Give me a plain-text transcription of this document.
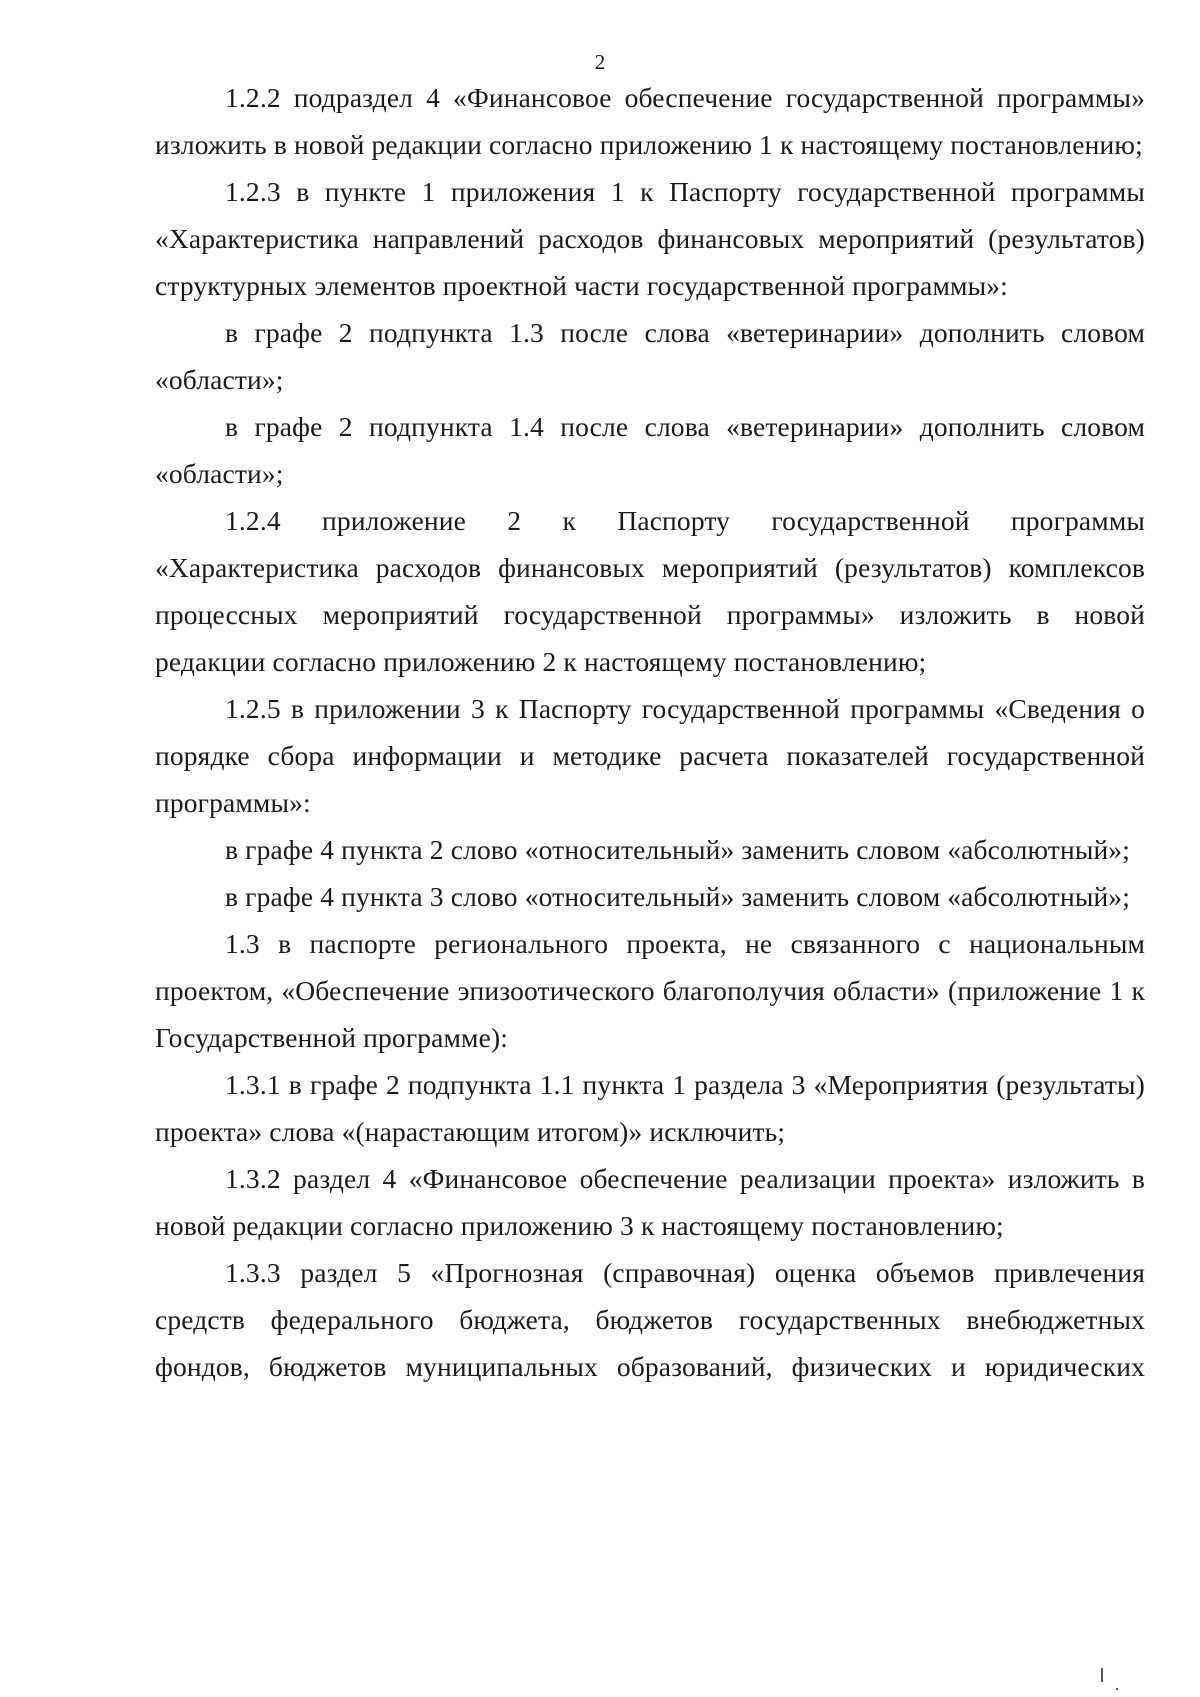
2

1.2.2 подраздел 4 «Финансовое обеспечение государственной программы» изложить в новой редакции согласно приложению 1 к настоящему постановлению;

1.2.3 в пункте 1 приложения 1 к Паспорту государственной программы «Характеристика направлений расходов финансовых мероприятий (результатов) структурных элементов проектной части государственной программы»:

в графе 2 подпункта 1.3 после слова «ветеринарии» дополнить словом «области»;

в графе 2 подпункта 1.4 после слова «ветеринарии» дополнить словом «области»;

1.2.4 приложение 2 к Паспорту государственной программы «Характеристика расходов финансовых мероприятий (результатов) комплексов процессных мероприятий государственной программы» изложить в новой редакции согласно приложению 2 к настоящему постановлению;

1.2.5 в приложении 3 к Паспорту государственной программы «Сведения о порядке сбора информации и методике расчета показателей государственной программы»:

в графе 4 пункта 2 слово «относительный» заменить словом «абсолютный»;

в графе 4 пункта 3 слово «относительный» заменить словом «абсолютный»;

1.3 в паспорте регионального проекта, не связанного с национальным проектом, «Обеспечение эпизоотического благополучия области» (приложение 1 к Государственной программе):

1.3.1 в графе 2 подпункта 1.1 пункта 1 раздела 3 «Мероприятия (результаты) проекта» слова «(нарастающим итогом)» исключить;

1.3.2 раздел 4 «Финансовое обеспечение реализации проекта» изложить в новой редакции согласно приложению 3 к настоящему постановлению;

1.3.3 раздел 5 «Прогнозная (справочная) оценка объемов привлечения средств федерального бюджета, бюджетов государственных внебюджетных фондов, бюджетов муниципальных образований, физических и юридических
